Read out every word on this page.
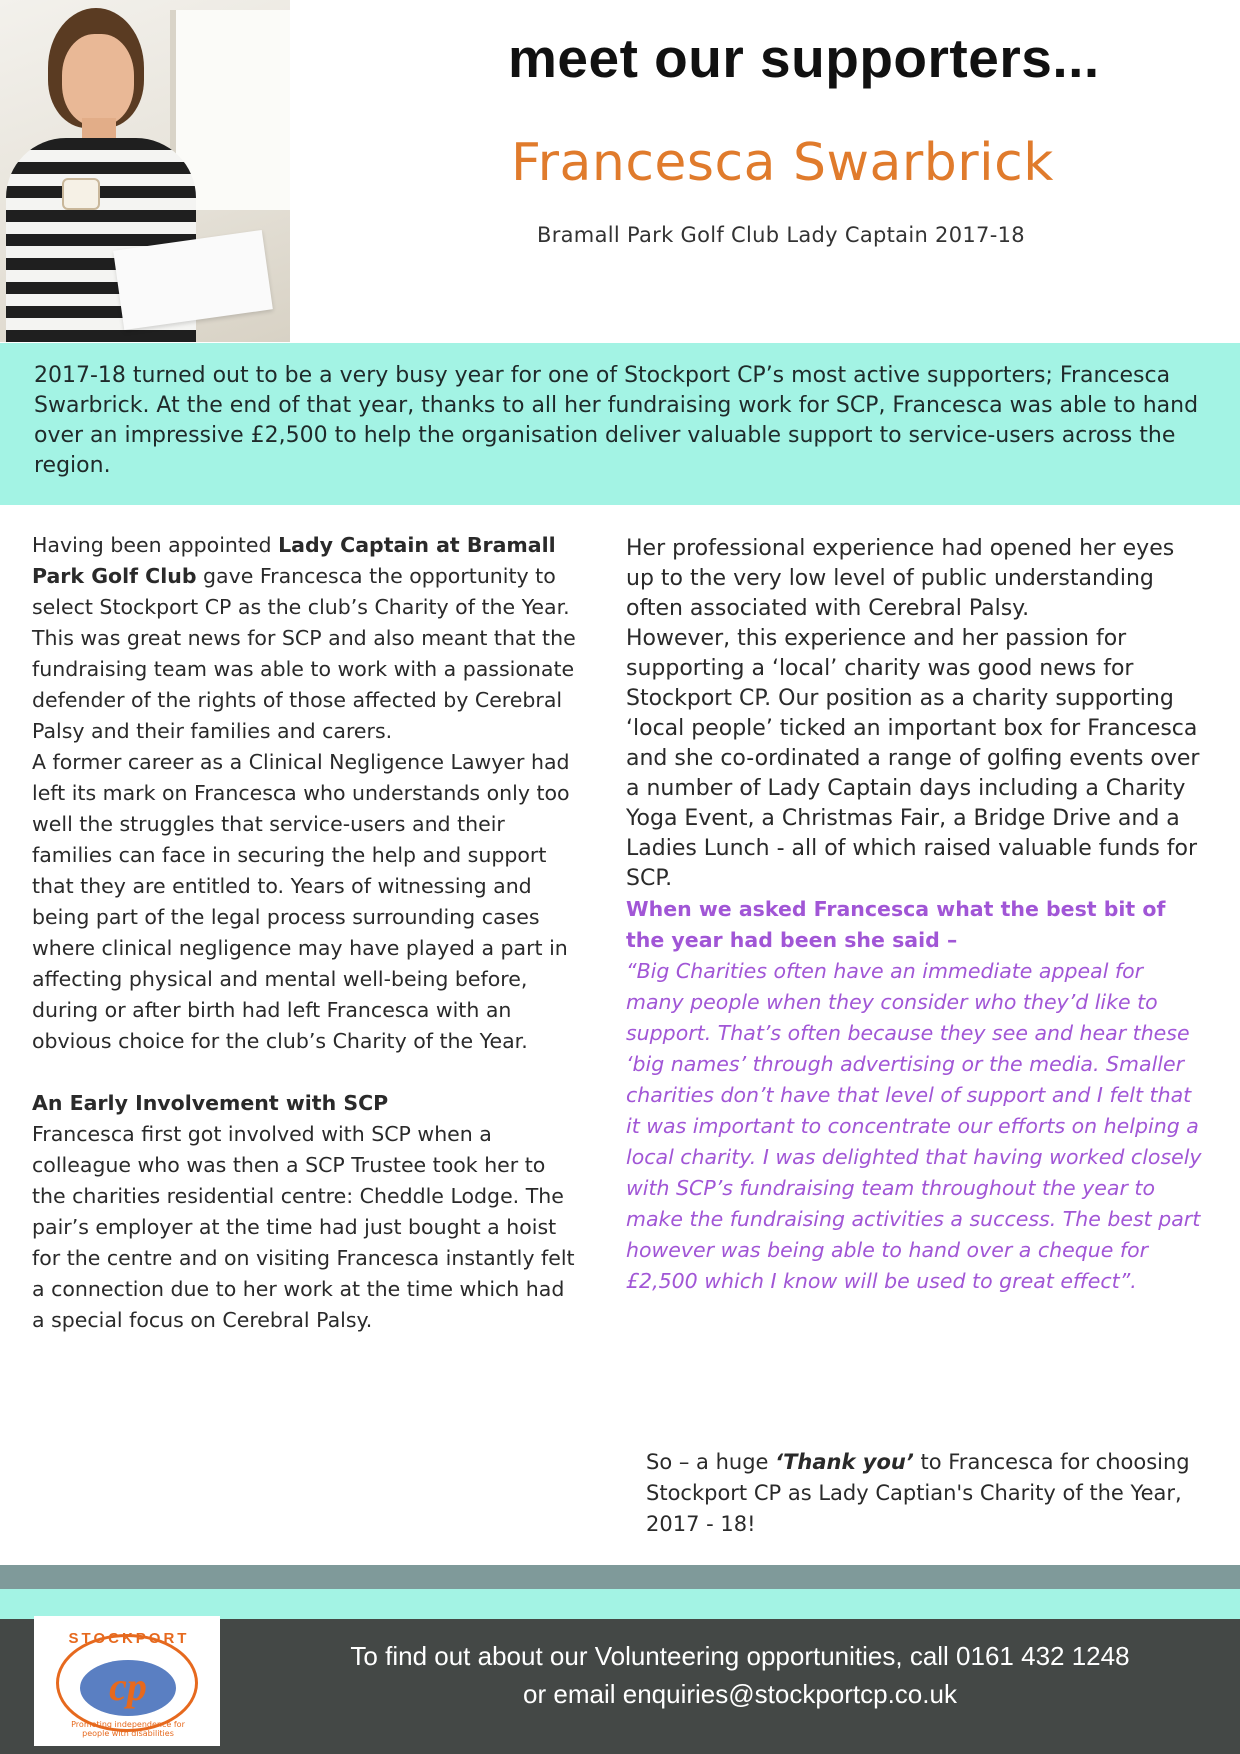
meet our supporters...
Francesca Swarbrick
Bramall Park Golf Club Lady Captain 2017-18
2017-18 turned out to be a very busy year for one of Stockport CP’s most active supporters; Francesca Swarbrick. At the end of that year, thanks to all her fundraising work for SCP, Francesca was able to hand over an impressive £2,500 to help the organisation deliver valuable support to service-users across the region.

Having been appointed Lady Captain at Bramall Park Golf Club gave Francesca the opportunity to select Stockport CP as the club’s Charity of the Year. This was great news for SCP and also meant that the fundraising team was able to work with a passionate defender of the rights of those affected by Cerebral Palsy and their families and carers.

A former career as a Clinical Negligence Lawyer had left its mark on Francesca who understands only too well the struggles that service-users and their families can face in securing the help and support that they are entitled to. Years of witnessing and being part of the legal process surrounding cases where clinical negligence may have played a part in affecting physical and mental well-being before, during or after birth had left Francesca with an obvious choice for the club’s Charity of the Year.

An Early Involvement with SCP

Francesca first got involved with SCP when a colleague who was then a SCP Trustee took her to the charities residential centre: Cheddle Lodge. The pair’s employer at the time had just bought a hoist for the centre and on visiting Francesca instantly felt a connection due to her work at the time which had a special focus on Cerebral Palsy.

Her professional experience had opened her eyes up to the very low level of public understanding often associated with Cerebral Palsy.

However, this experience and her passion for supporting a ‘local’ charity was good news for Stockport CP. Our position as a charity supporting ‘local people’ ticked an important box for Francesca and she co-ordinated a range of golfing events over a number of Lady Captain days including a Charity Yoga Event, a Christmas Fair, a Bridge Drive and a Ladies Lunch - all of which raised valuable funds for SCP.

When we asked Francesca what the best bit of the year had been she said –

“Big Charities often have an immediate appeal for many people when they consider who they’d like to support. That’s often because they see and hear these ‘big names’ through advertising or the media. Smaller charities don’t have that level of support and I felt that it was important to concentrate our efforts on helping a local charity. I was delighted that having worked closely with SCP’s fundraising team throughout the year to make the fundraising activities a success. The best part however was being able to hand over a cheque for £2,500 which I know will be used to great effect”.

So – a huge ‘Thank you’ to Francesca for choosing Stockport CP as Lady Captian's Charity of the Year, 2017 - 18!
STOCKPORT
cp
Promoting independence for people with disabilities
To find out about our Volunteering opportunities, call 0161 432 1248
or email enquiries@stockportcp.co.uk
